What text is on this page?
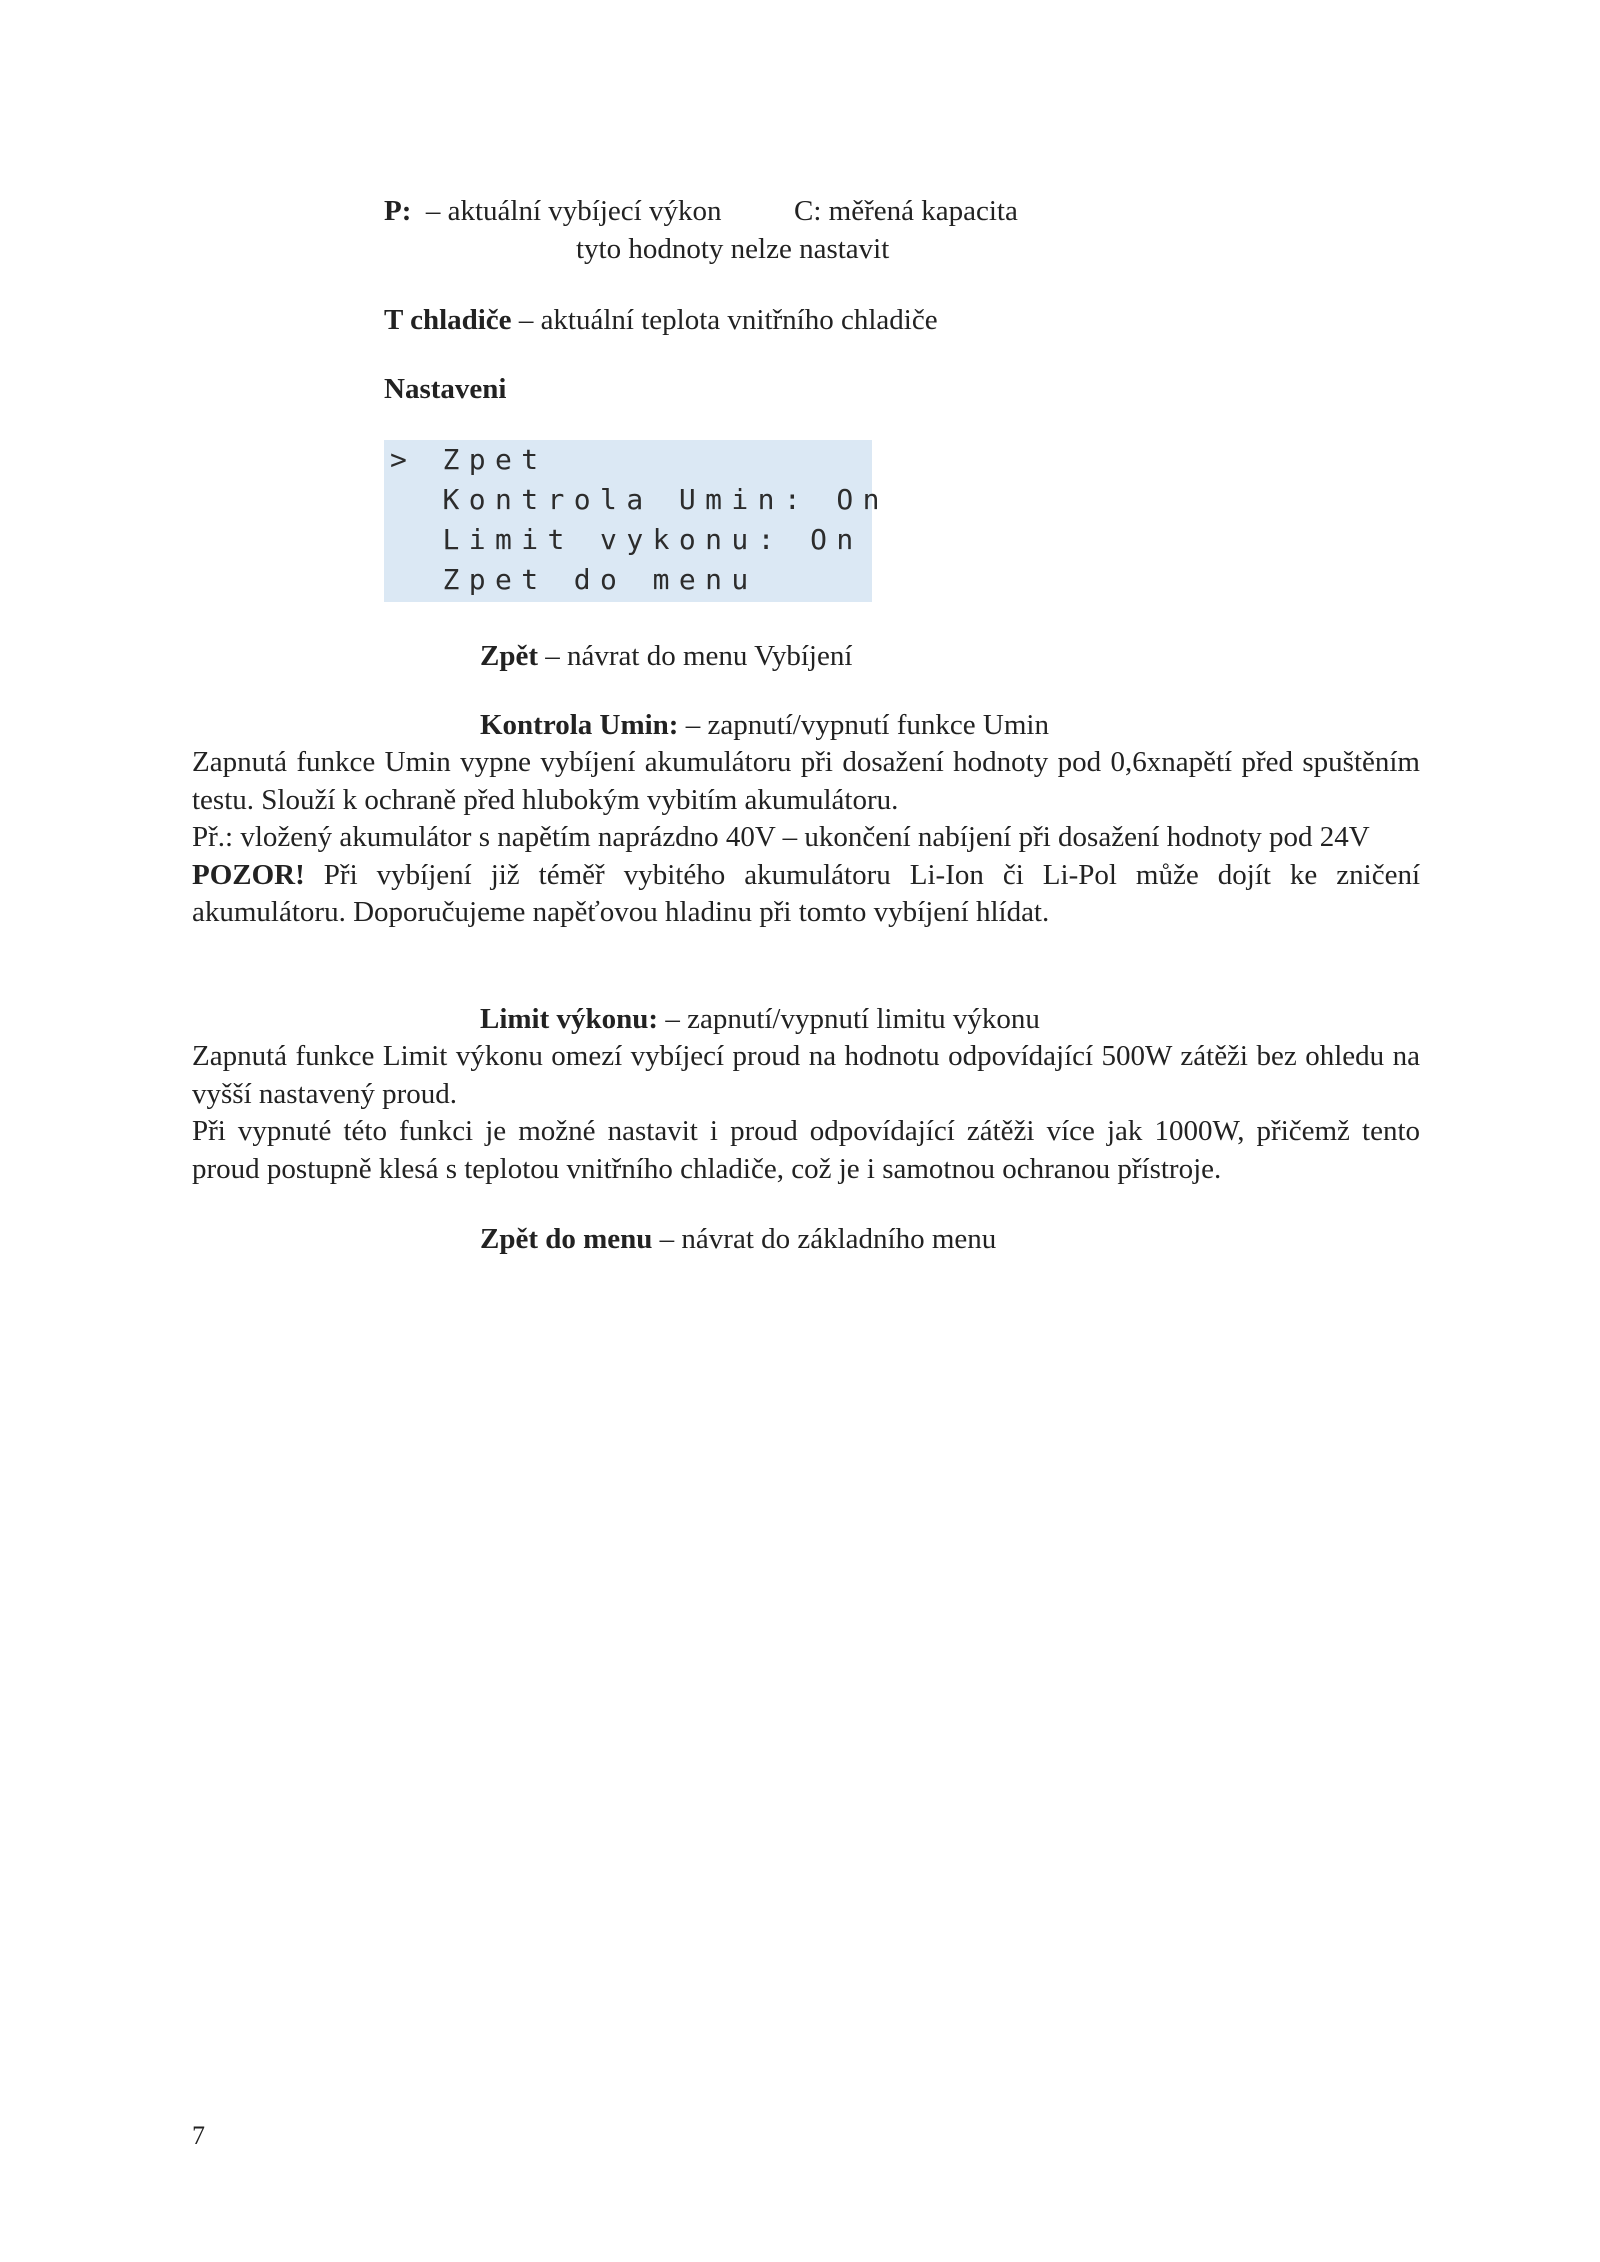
P: – aktuální vybíjecí výkon	C: měřená kapacita
tyto hodnoty nelze nastavit
T chladiče – aktuální teplota vnitřního chladiče
Nastaveni
> Zpet
Kontrola Umin: On
Limit vykonu: On
Zpet do menu
Zpět – návrat do menu Vybíjení
Kontrola Umin: – zapnutí/vypnutí funkce Umin

Zapnutá funkce Umin vypne vybíjení akumulátoru při dosažení hodnoty pod 0,6xnapětí před spuštěním testu. Slouží k ochraně před hlubokým vybitím akumulátoru.

Př.: vložený akumulátor s napětím naprázdno 40V – ukončení nabíjení při dosažení hodnoty pod 24V

POZOR! Při vybíjení již téměř vybitého akumulátoru Li-Ion či Li-Pol může dojít ke zničení akumulátoru. Doporučujeme napěťovou hladinu při tomto vybíjení hlídat.

Limit výkonu: – zapnutí/vypnutí limitu výkonu

Zapnutá funkce Limit výkonu omezí vybíjecí proud na hodnotu odpovídající 500W zátěži bez ohledu na vyšší nastavený proud.

Při vypnuté této funkci je možné nastavit i proud odpovídající zátěži více jak 1000W, přičemž tento proud postupně klesá s teplotou vnitřního chladiče, což je i samotnou ochranou přístroje.

Zpět do menu – návrat do základního menu
7
